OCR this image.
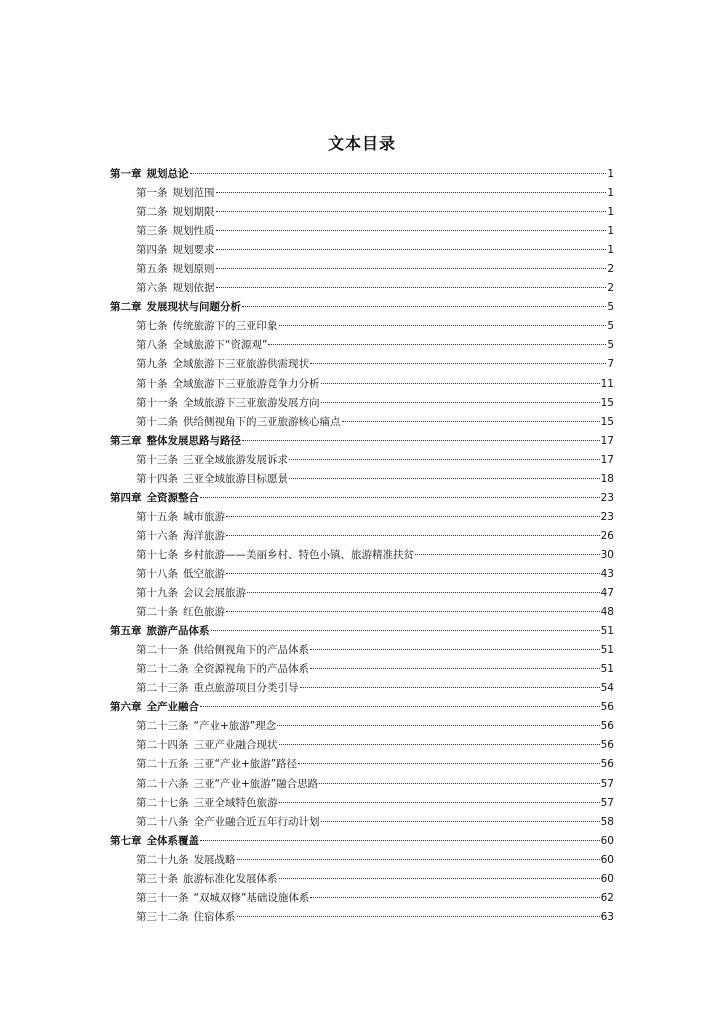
文本目录
第一章 规划总论	1
第一条 规划范围	1
第二条 规划期限	1
第三条 规划性质	1
第四条 规划要求	1
第五条 规划原则	2
第六条 规划依据	2
第二章 发展现状与问题分析	5
第七条 传统旅游下的三亚印象	5
第八条 全域旅游下“资源观”	5
第九条 全域旅游下三亚旅游供需现状	7
第十条 全域旅游下三亚旅游竞争力分析	11
第十一条 全域旅游下三亚旅游发展方向	15
第十二条 供给侧视角下的三亚旅游核心痛点	15
第三章 整体发展思路与路径	17
第十三条 三亚全域旅游发展诉求	17
第十四条 三亚全域旅游目标愿景	18
第四章 全资源整合	23
第十五条 城市旅游	23
第十六条 海洋旅游	26
第十七条 乡村旅游——美丽乡村、特色小镇、旅游精准扶贫	30
第十八条 低空旅游	43
第十九条 会议会展旅游	47
第二十条 红色旅游	48
第五章 旅游产品体系	51
第二十一条 供给侧视角下的产品体系	51
第二十二条 全资源视角下的产品体系	51
第二十三条 重点旅游项目分类引导	54
第六章 全产业融合	56
第二十三条 “产业+旅游”理念	56
第二十四条 三亚产业融合现状	56
第二十五条 三亚“产业+旅游”路径	56
第二十六条 三亚“产业+旅游”融合思路	57
第二十七条 三亚全域特色旅游	57
第二十八条 全产业融合近五年行动计划	58
第七章 全体系覆盖	60
第二十九条 发展战略	60
第三十条 旅游标准化发展体系	60
第三十一条 “双城双修”基础设施体系	62
第三十二条 住宿体系	63
